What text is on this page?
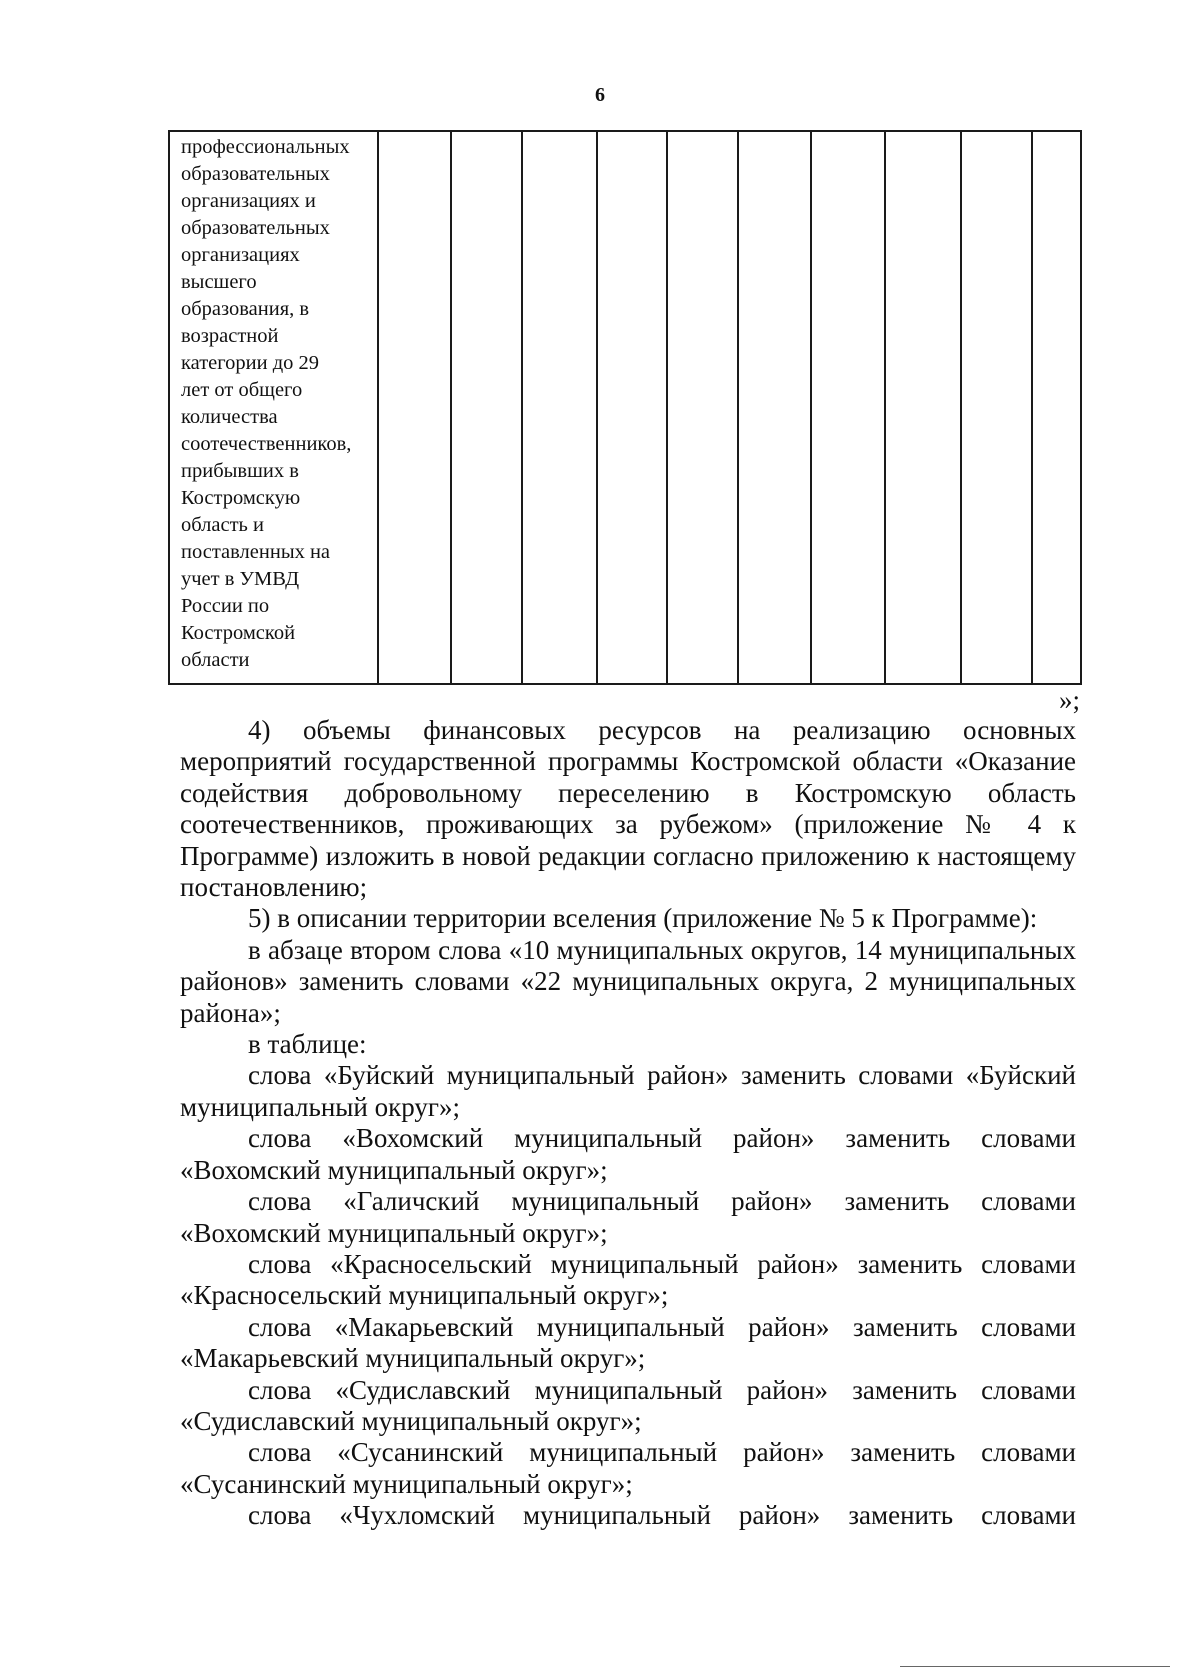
6
профессиональных
образовательных
организациях и
образовательных
организациях
высшего
образования, в
возрастной
категории до 29
лет от общего
количества
соотечественников,
прибывших в
Костромскую
область и
поставленных на
учет в УМВД
России по
Костромской
области

»;

4) объемы финансовых ресурсов на реализацию основных мероприятий государственной программы Костромской области «Оказание содействия добровольному переселению в Костромскую область соотечественников, проживающих за рубежом» (приложение № 4 к Программе) изложить в новой редакции согласно приложению к настоящему постановлению;

5) в описании территории вселения (приложение № 5 к Программе):

в абзаце втором слова «10 муниципальных округов, 14 муниципальных районов» заменить словами «22 муниципальных округа, 2 муниципальных района»;

в таблице:

слова «Буйский муниципальный район» заменить словами «Буйский муниципальный округ»;

слова «Вохомский муниципальный район» заменить словами «Вохомский муниципальный округ»;

слова «Галичский муниципальный район» заменить словами «Вохомский муниципальный округ»;

слова «Красносельский муниципальный район» заменить словами «Красносельский муниципальный округ»;

слова «Макарьевский муниципальный район» заменить словами «Макарьевский муниципальный округ»;

слова «Судиславский муниципальный район» заменить словами «Судиславский муниципальный округ»;

слова «Сусанинский муниципальный район» заменить словами «Сусанинский муниципальный округ»;

слова «Чухломский муниципальный район» заменить словами
